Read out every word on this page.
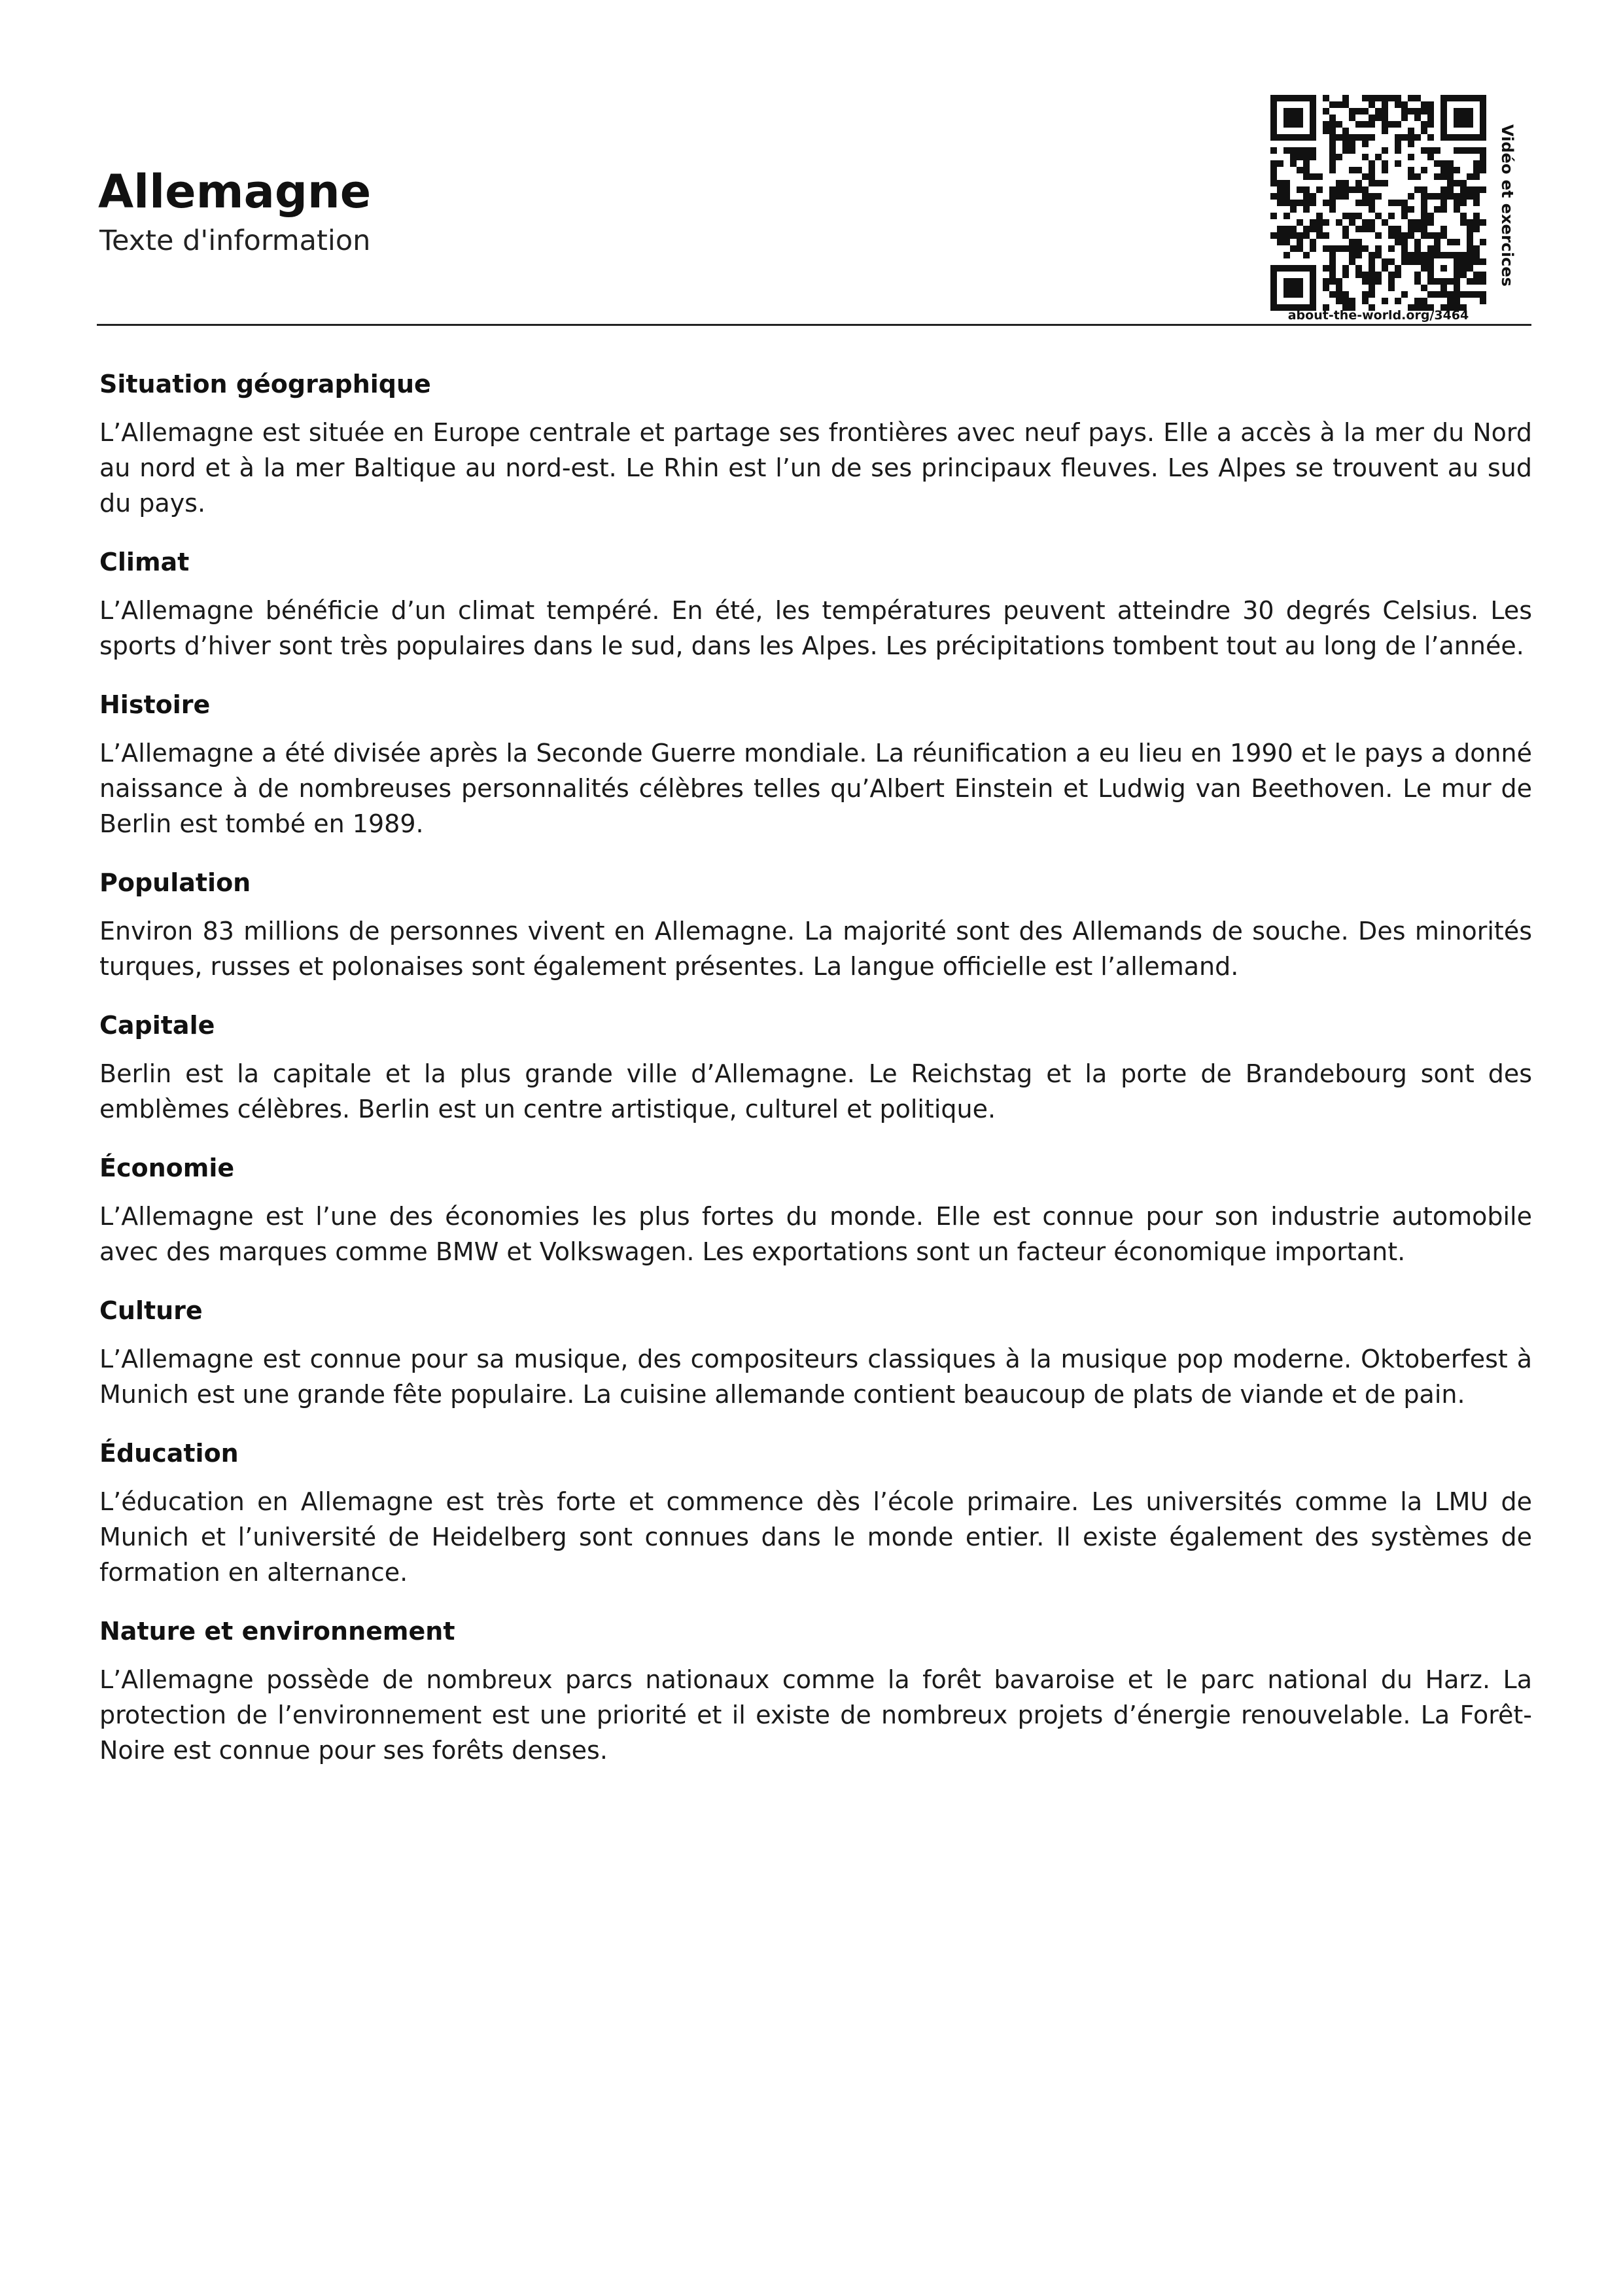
Allemagne
Texte d'information
about-the-world.org/3464
Vidéo et exercices
Situation géographique

L’Allemagne est située en Europe centrale et partage ses frontières avec neuf pays. Elle a accès à la mer du Nord au nord et à la mer Baltique au nord-est. Le Rhin est l’un de ses principaux fleuves. Les Alpes se trouvent au sud du pays.

Climat

L’Allemagne bénéficie d’un climat tempéré. En été, les températures peuvent atteindre 30 degrés Celsius. Les sports d’hiver sont très populaires dans le sud, dans les Alpes. Les précipitations tombent tout au long de l’année.

Histoire

L’Allemagne a été divisée après la Seconde Guerre mondiale. La réunification a eu lieu en 1990 et le pays a donné naissance à de nombreuses personnalités célèbres telles qu’Albert Einstein et Ludwig van Beethoven. Le mur de Berlin est tombé en 1989.

Population

Environ 83 millions de personnes vivent en Allemagne. La majorité sont des Allemands de souche. Des minorités turques, russes et polonaises sont également présentes. La langue officielle est l’allemand.

Capitale

Berlin est la capitale et la plus grande ville d’Allemagne. Le Reichstag et la porte de Brandebourg sont des emblèmes célèbres. Berlin est un centre artistique, culturel et politique.

Économie

L’Allemagne est l’une des économies les plus fortes du monde. Elle est connue pour son industrie automobile avec des marques comme BMW et Volkswagen. Les exportations sont un facteur économique important.

Culture

L’Allemagne est connue pour sa musique, des compositeurs classiques à la musique pop moderne. Oktoberfest à Munich est une grande fête populaire. La cuisine allemande contient beaucoup de plats de viande et de pain.

Éducation

L’éducation en Allemagne est très forte et commence dès l’école primaire. Les universités comme la LMU de Munich et l’université de Heidelberg sont connues dans le monde entier. Il existe également des systèmes de formation en alternance.

Nature et environnement

L’Allemagne possède de nombreux parcs nationaux comme la forêt bavaroise et le parc national du Harz. La protection de l’environnement est une priorité et il existe de nombreux projets d’énergie renouvelable. La Forêt-Noire est connue pour ses forêts denses.
